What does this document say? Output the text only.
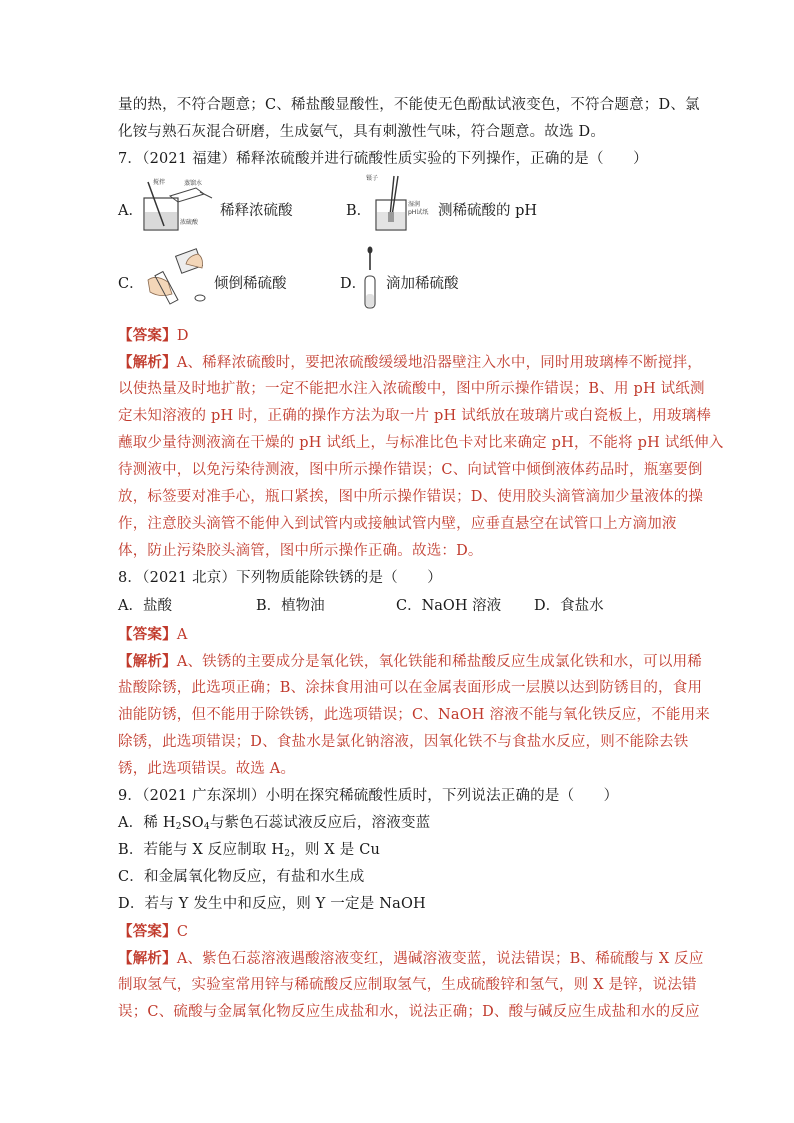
量的热，不符合题意；C、稀盐酸显酸性，不能使无色酚酞试液变色，不符合题意；D、氯
化铵与熟石灰混合研磨，生成氨气，具有刺激性气味，符合题意。故选 D。
7．（2021 福建）稀释浓硫酸并进行硫酸性质实验的下列操作，正确的是（　　）
A．
搅拌	蒸馏水
浓硫酸
稀释浓硫酸	B．
镊子
湿润
pH试纸 测稀硫酸的 pH
C．	倾倒稀硫酸	D． 滴加稀硫酸
【答案】D
【解析】A、稀释浓硫酸时，要把浓硫酸缓缓地沿器壁注入水中，同时用玻璃棒不断搅拌，
以使热量及时地扩散；一定不能把水注入浓硫酸中，图中所示操作错误；B、用 pH 试纸测
定未知溶液的 pH 时，正确的操作方法为取一片 pH 试纸放在玻璃片或白瓷板上，用玻璃棒
蘸取少量待测液滴在干燥的 pH 试纸上，与标准比色卡对比来确定 pH，不能将 pH 试纸伸入
待测液中，以免污染待测液，图中所示操作错误；C、向试管中倾倒液体药品时，瓶塞要倒
放，标签要对准手心，瓶口紧挨，图中所示操作错误；D、使用胶头滴管滴加少量液体的操
作，注意胶头滴管不能伸入到试管内或接触试管内壁，应垂直悬空在试管口上方滴加液
体，防止污染胶头滴管，图中所示操作正确。故选：D。
8．（2021 北京）下列物质能除铁锈的是（　　）
A．盐酸	B．植物油	C．NaOH 溶液 D．食盐水
【答案】A
【解析】A、铁锈的主要成分是氧化铁，氧化铁能和稀盐酸反应生成氯化铁和水，可以用稀
盐酸除锈，此选项正确；B、涂抹食用油可以在金属表面形成一层膜以达到防锈目的，食用
油能防锈，但不能用于除铁锈，此选项错误；C、NaOH 溶液不能与氧化铁反应，不能用来
除锈，此选项错误；D、食盐水是氯化钠溶液，因氧化铁不与食盐水反应，则不能除去铁
锈，此选项错误。故选 A。
9．（2021 广东深圳）小明在探究稀硫酸性质时，下列说法正确的是（　　）
A．稀 $H_2SO_4$与紫色石蕊试液反应后，溶液变蓝
B．若能与 X 反应制取 $H_2$，则 X 是 Cu
C．和金属氧化物反应，有盐和水生成
D．若与 Y 发生中和反应，则 Y 一定是 NaOH
【答案】C
【解析】A、紫色石蕊溶液遇酸溶液变红，遇碱溶液变蓝，说法错误；B、稀硫酸与 X 反应
制取氢气，实验室常用锌与稀硫酸反应制取氢气，生成硫酸锌和氢气，则 X 是锌，说法错
误；C、硫酸与金属氧化物反应生成盐和水，说法正确；D、酸与碱反应生成盐和水的反应
